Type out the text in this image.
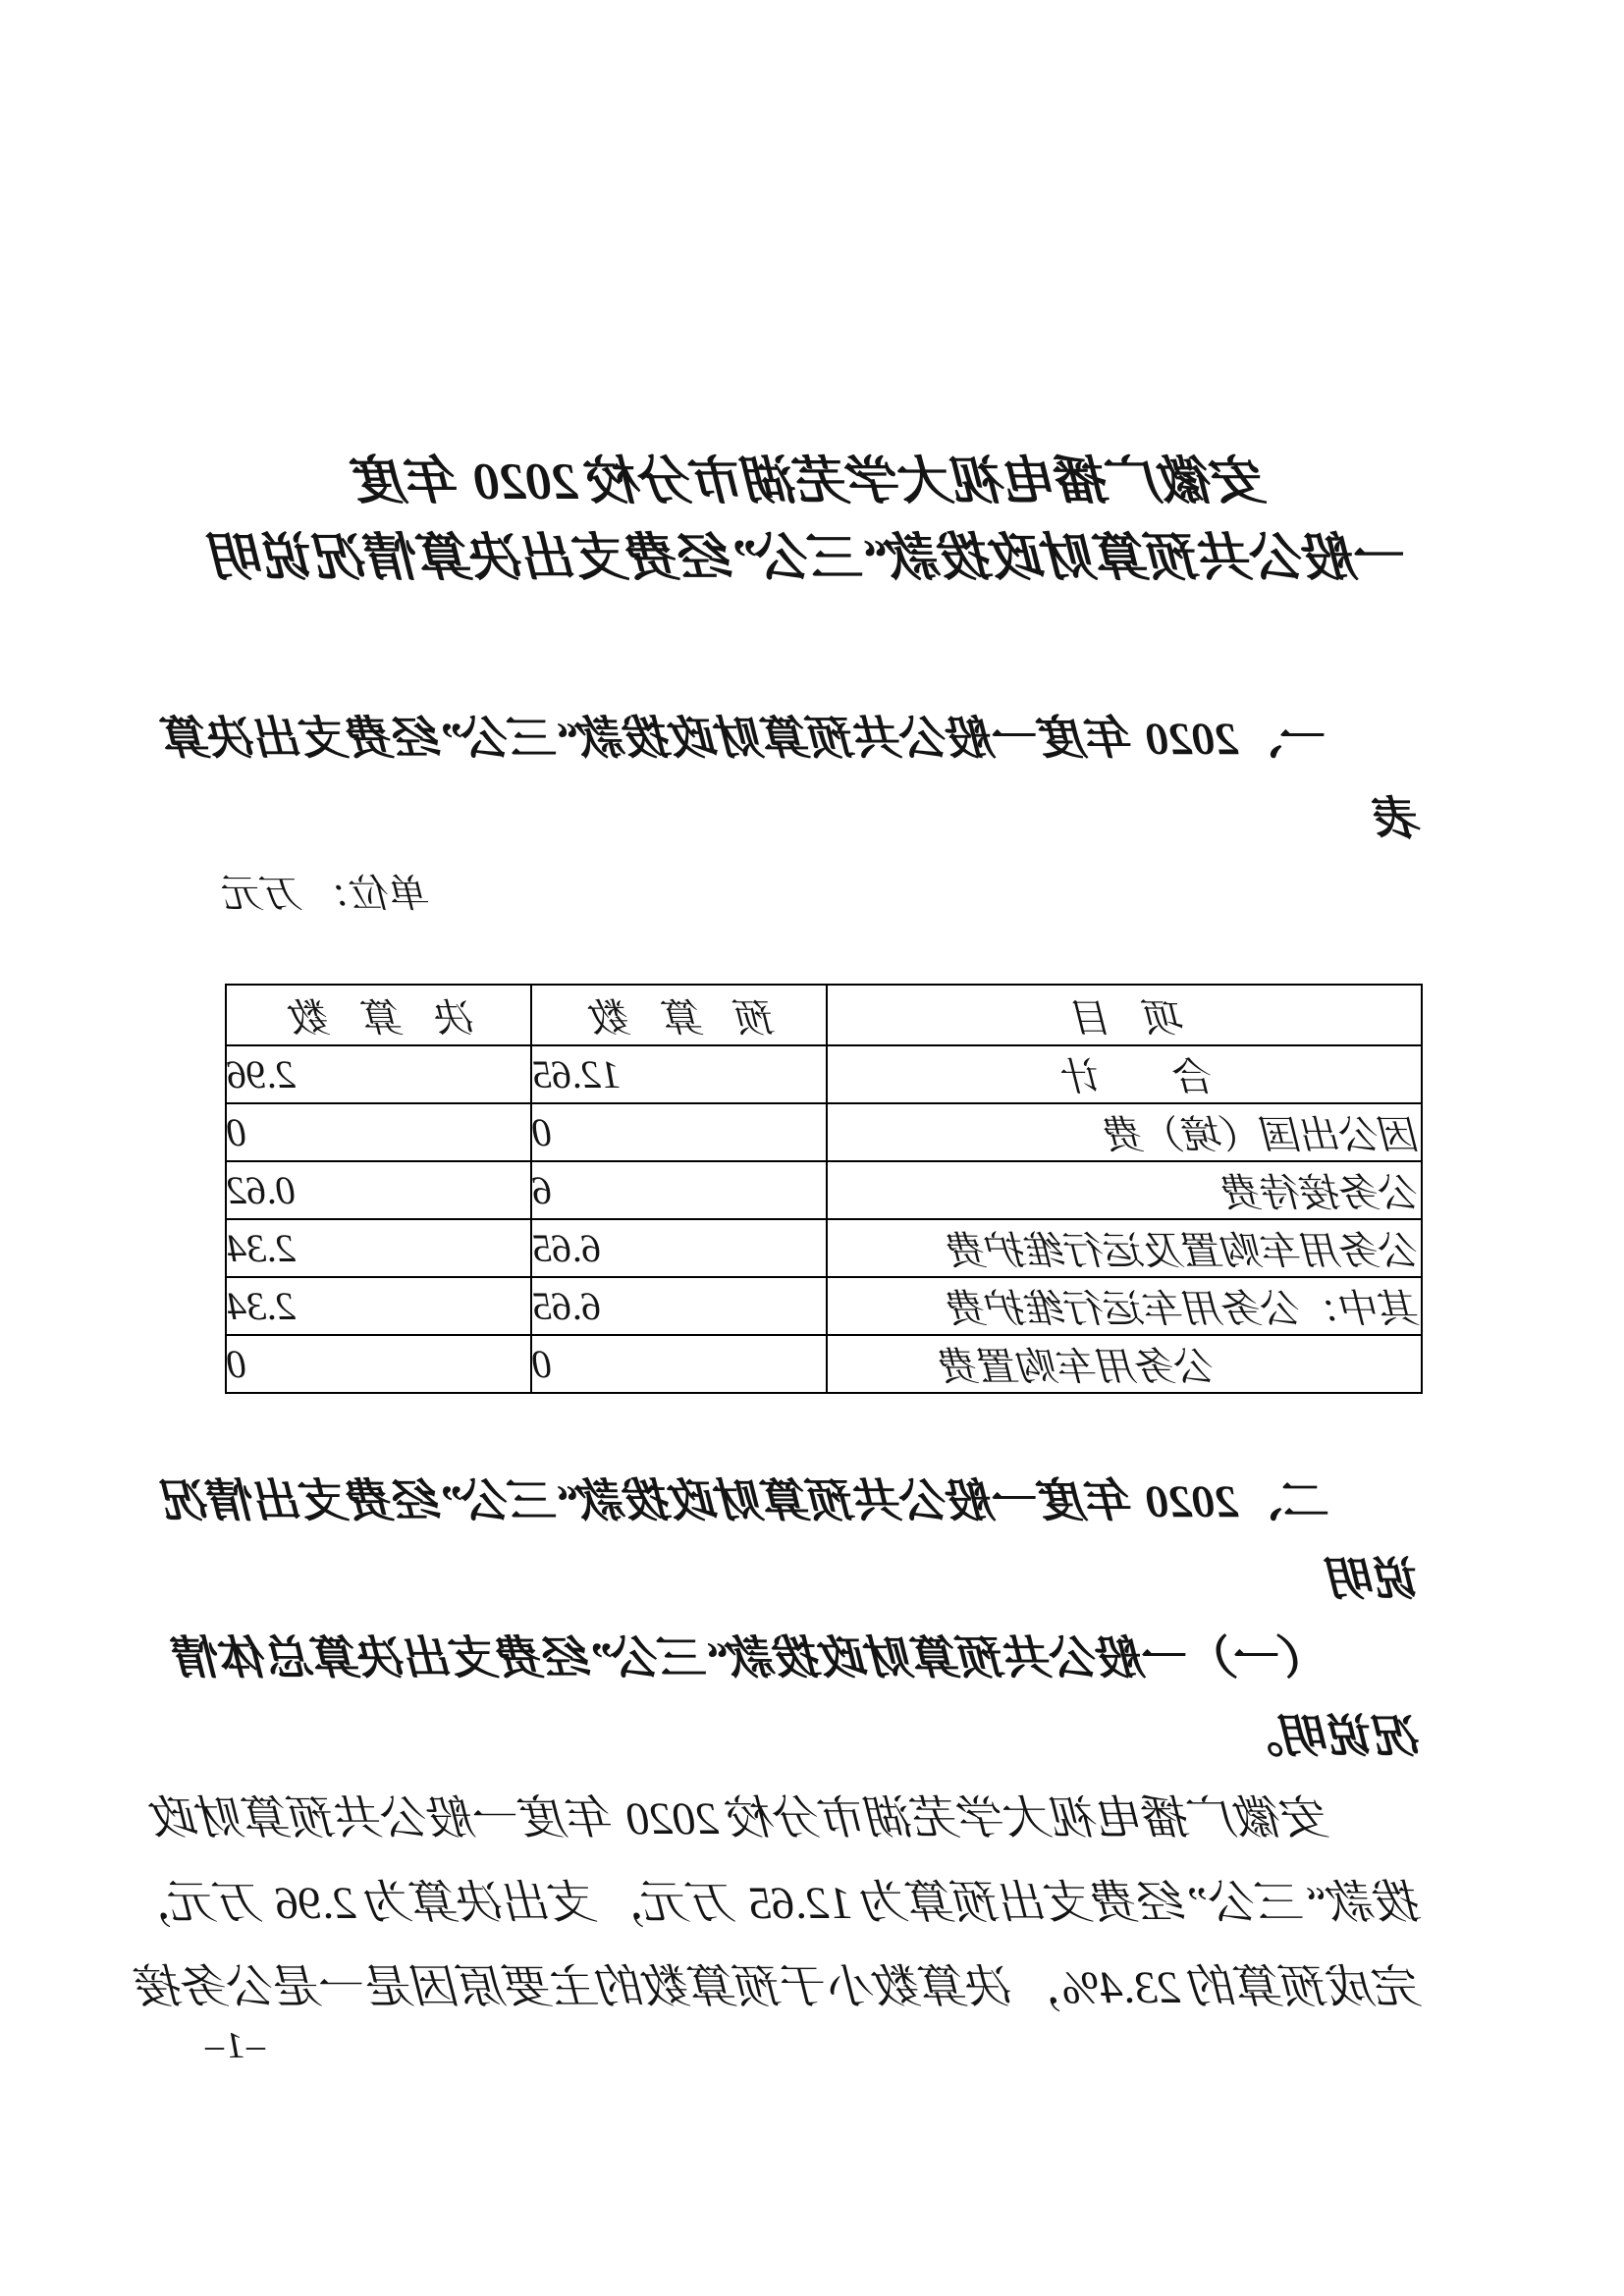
安徽广播电视大学芜湖市分校 2020 年度
一般公共预算财政拨款“三公”经费支出决算情况说明
一、2020 年度一般公共预算财政拨款“三公”经费支出决算
表
单位： 万元
项 目	预 算 数	决 算 数
合 计	12.65	2.96
因公出国（境）费	0	0
公务接待费	6	0.62
公务用车购置及运行维护费	6.65	2.34
其中：公务用车运行维护费	6.65	2.34
公务用车购置费	0	0
二、2020 年度一般公共预算财政拨款“三公”经费支出情况
说明
（一）一般公共预算财政拨款“三公”经费支出决算总体情
况说明。
安徽广播电视大学芜湖市分校 2020 年度一般公共预算财政
拨款“三公”经费支出预算为 12.65 万元，支出决算为 2.96 万元，
完成预算的 23.4%，决算数小于预算数的主要原因是一是公务接
–1–
